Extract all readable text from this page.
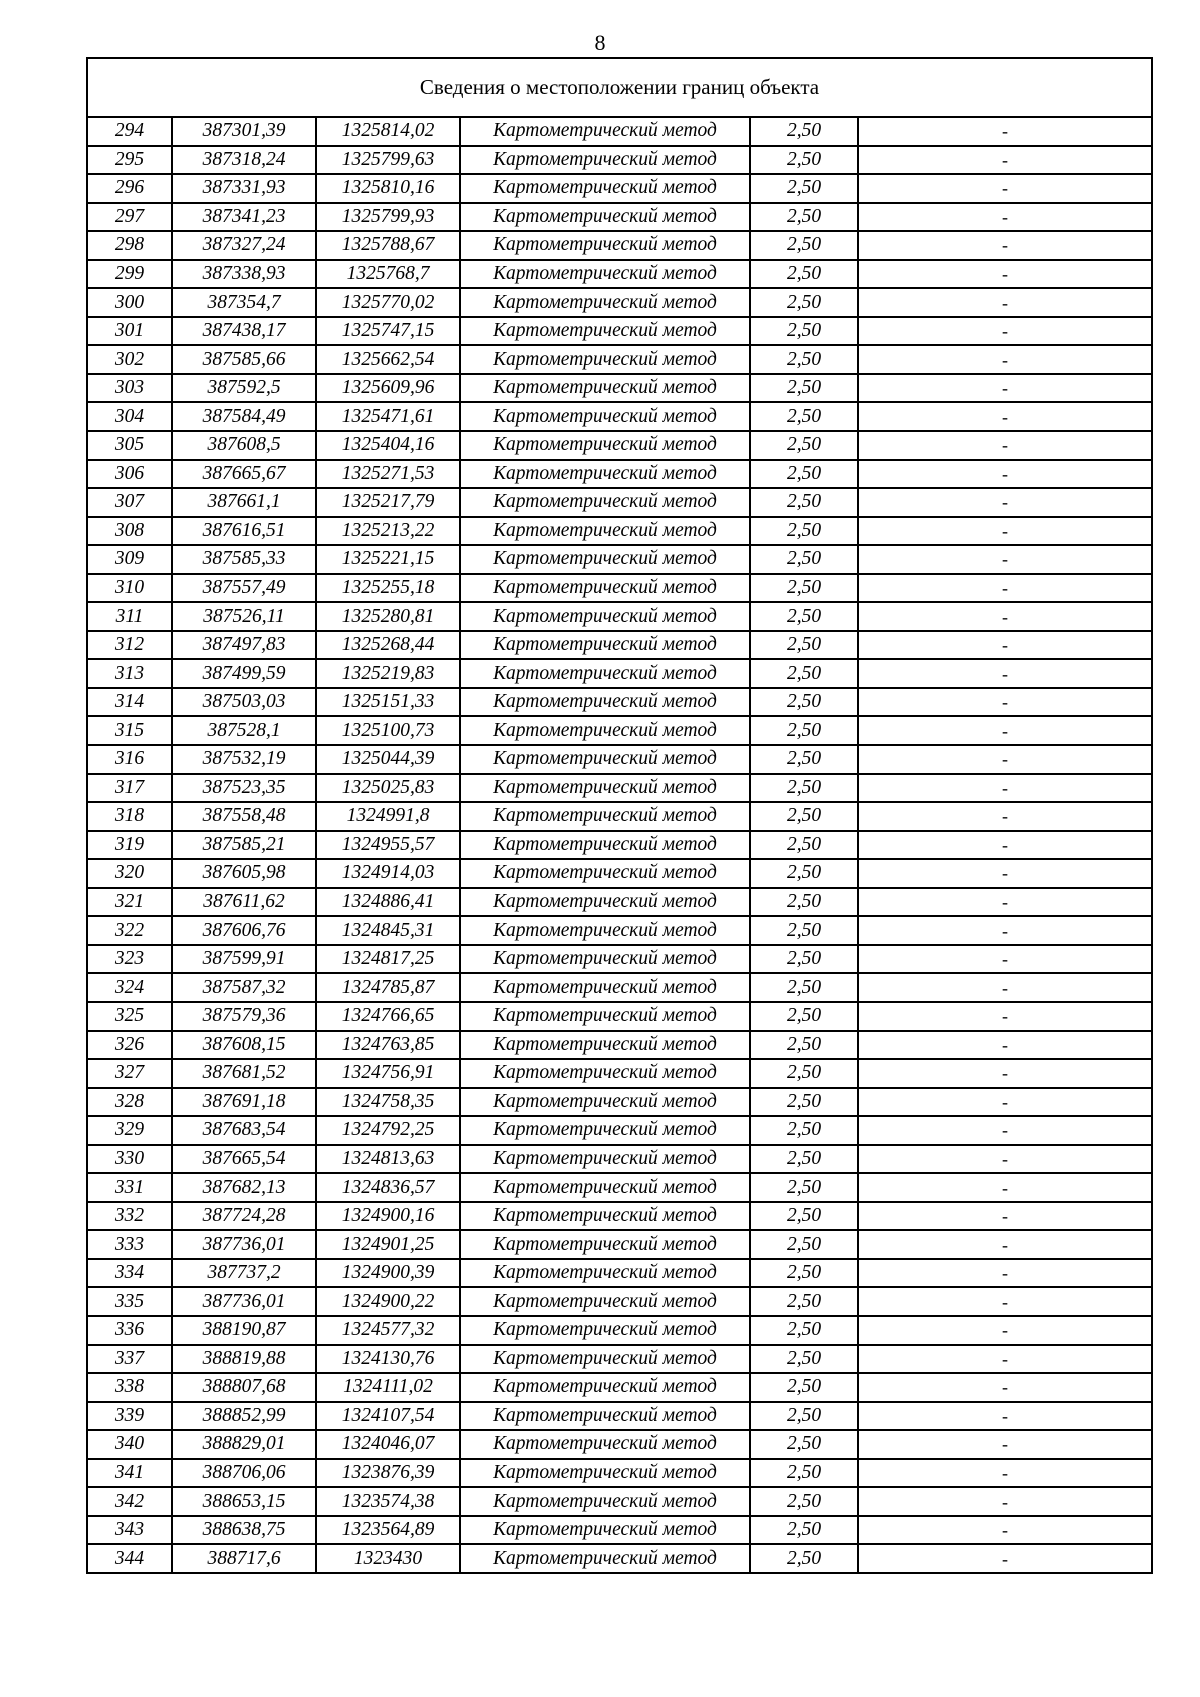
8
Сведения о местоположении границ объекта					
294	387301,39	1325814,02	Картометрический метод	2,50	-
295	387318,24	1325799,63	Картометрический метод	2,50	-
296	387331,93	1325810,16	Картометрический метод	2,50	-
297	387341,23	1325799,93	Картометрический метод	2,50	-
298	387327,24	1325788,67	Картометрический метод	2,50	-
299	387338,93	1325768,7	Картометрический метод	2,50	-
300	387354,7	1325770,02	Картометрический метод	2,50	-
301	387438,17	1325747,15	Картометрический метод	2,50	-
302	387585,66	1325662,54	Картометрический метод	2,50	-
303	387592,5	1325609,96	Картометрический метод	2,50	-
304	387584,49	1325471,61	Картометрический метод	2,50	-
305	387608,5	1325404,16	Картометрический метод	2,50	-
306	387665,67	1325271,53	Картометрический метод	2,50	-
307	387661,1	1325217,79	Картометрический метод	2,50	-
308	387616,51	1325213,22	Картометрический метод	2,50	-
309	387585,33	1325221,15	Картометрический метод	2,50	-
310	387557,49	1325255,18	Картометрический метод	2,50	-
311	387526,11	1325280,81	Картометрический метод	2,50	-
312	387497,83	1325268,44	Картометрический метод	2,50	-
313	387499,59	1325219,83	Картометрический метод	2,50	-
314	387503,03	1325151,33	Картометрический метод	2,50	-
315	387528,1	1325100,73	Картометрический метод	2,50	-
316	387532,19	1325044,39	Картометрический метод	2,50	-
317	387523,35	1325025,83	Картометрический метод	2,50	-
318	387558,48	1324991,8	Картометрический метод	2,50	-
319	387585,21	1324955,57	Картометрический метод	2,50	-
320	387605,98	1324914,03	Картометрический метод	2,50	-
321	387611,62	1324886,41	Картометрический метод	2,50	-
322	387606,76	1324845,31	Картометрический метод	2,50	-
323	387599,91	1324817,25	Картометрический метод	2,50	-
324	387587,32	1324785,87	Картометрический метод	2,50	-
325	387579,36	1324766,65	Картометрический метод	2,50	-
326	387608,15	1324763,85	Картометрический метод	2,50	-
327	387681,52	1324756,91	Картометрический метод	2,50	-
328	387691,18	1324758,35	Картометрический метод	2,50	-
329	387683,54	1324792,25	Картометрический метод	2,50	-
330	387665,54	1324813,63	Картометрический метод	2,50	-
331	387682,13	1324836,57	Картометрический метод	2,50	-
332	387724,28	1324900,16	Картометрический метод	2,50	-
333	387736,01	1324901,25	Картометрический метод	2,50	-
334	387737,2	1324900,39	Картометрический метод	2,50	-
335	387736,01	1324900,22	Картометрический метод	2,50	-
336	388190,87	1324577,32	Картометрический метод	2,50	-
337	388819,88	1324130,76	Картометрический метод	2,50	-
338	388807,68	1324111,02	Картометрический метод	2,50	-
339	388852,99	1324107,54	Картометрический метод	2,50	-
340	388829,01	1324046,07	Картометрический метод	2,50	-
341	388706,06	1323876,39	Картометрический метод	2,50	-
342	388653,15	1323574,38	Картометрический метод	2,50	-
343	388638,75	1323564,89	Картометрический метод	2,50	-
344	388717,6	1323430	Картометрический метод	2,50	-
